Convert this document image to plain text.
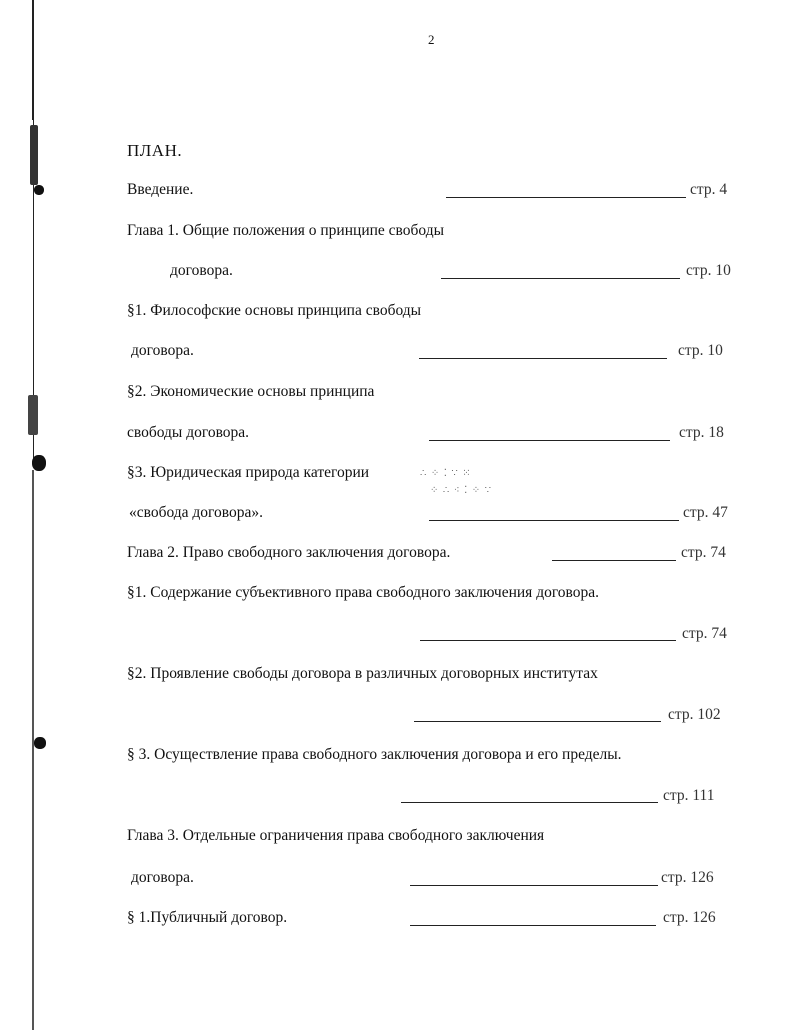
∴ ⁘ ⁚ ∵ ⁙
⁘ ∴ ⁖ ⁚ ⁘ ∵
2
ПЛАН.
Введение.	стр. 4
Глава 1. Общие положения о принципе свободы
договора.	стр. 10
§1. Философские основы принципа свободы
договора.	стр. 10
§2. Экономические основы принципа
свободы договора.	стр. 18
§3. Юридическая природа категории
«свобода договора».	стр. 47
Глава 2. Право свободного заключения договора.	стр. 74
§1. Содержание субъективного права свободного заключения договора.
стр. 74
§2. Проявление свободы договора в различных договорных институтах
стр. 102
§ 3. Осуществление права свободного заключения договора и его пределы.
стр. 111
Глава 3. Отдельные ограничения права свободного заключения
договора.	стр. 126
§ 1.Публичный договор.	стр. 126
